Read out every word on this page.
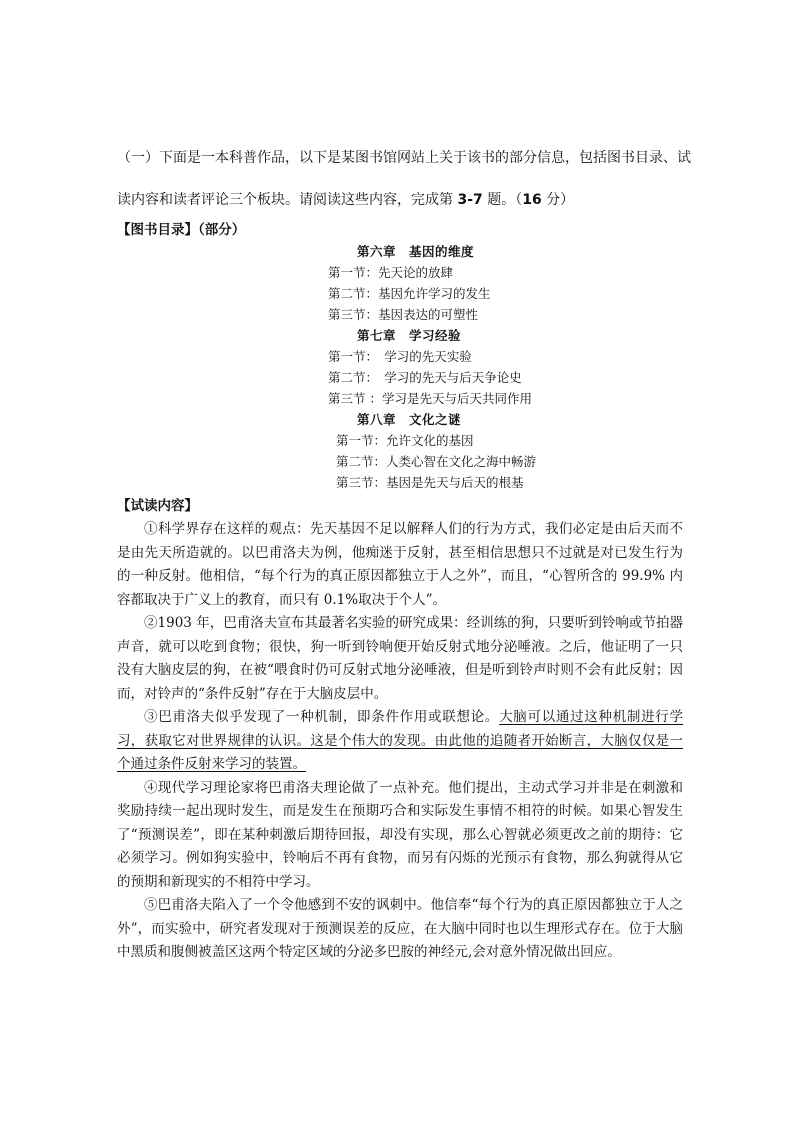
（一）下面是一本科普作品，以下是某图书馆网站上关于该书的部分信息，包括图书目录、试
读内容和读者评论三个板块。请阅读这些内容，完成第 3-7 题。（16 分）
【图书目录】（部分）
第六章　基因的维度
第一节：先天论的放肆
第二节：基因允许学习的发生
第三节：基因表达的可塑性
第七章　学习经验
第一节：　学习的先天实验
第二节：　学习的先天与后天争论史
第三节 ：学习是先天与后天共同作用
第八章　文化之谜
第一节：允许文化的基因
第二节：人类心智在文化之海中畅游
第三节：基因是先天与后天的根基
【试读内容】

①科学界存在这样的观点：先天基因不足以解释人们的行为方式，我们必定是由后天而不是由先天所造就的。以巴甫洛夫为例，他痴迷于反射，甚至相信思想只不过就是对已发生行为的一种反射。他相信，“每个行为的真正原因都独立于人之外”，而且，“心智所含的 99.9% 内容都取决于广义上的教育，而只有 0.1%取决于个人”。

②1903 年，巴甫洛夫宣布其最著名实验的研究成果：经训练的狗，只要听到铃响或节拍器声音，就可以吃到食物；很快，狗一听到铃响便开始反射式地分泌唾液。之后，他证明了一只没有大脑皮层的狗，在被“喂食时仍可反射式地分泌唾液，但是听到铃声时则不会有此反射；因而，对铃声的“条件反射”存在于大脑皮层中。

③巴甫洛夫似乎发现了一种机制，即条件作用或联想论。大脑可以通过这种机制进行学习，获取它对世界规律的认识。这是个伟大的发现。由此他的追随者开始断言，大脑仅仅是一个通过条件反射来学习的装置。

④现代学习理论家将巴甫洛夫理论做了一点补充。他们提出，主动式学习并非是在刺激和奖励持续一起出现时发生，而是发生在预期巧合和实际发生事情不相符的时候。如果心智发生了“预测误差”，即在某种刺激后期待回报，却没有实现，那么心智就必须更改之前的期待：它必须学习。例如狗实验中，铃响后不再有食物，而另有闪烁的光预示有食物，那么狗就得从它的预期和新现实的不相符中学习。

⑤巴甫洛夫陷入了一个令他感到不安的讽刺中。他信奉“每个行为的真正原因都独立于人之外”，而实验中，研究者发现对于预测误差的反应，在大脑中同时也以生理形式存在。位于大脑中黑质和腹侧被盖区这两个特定区域的分泌多巴胺的神经元,会对意外情况做出回应。
